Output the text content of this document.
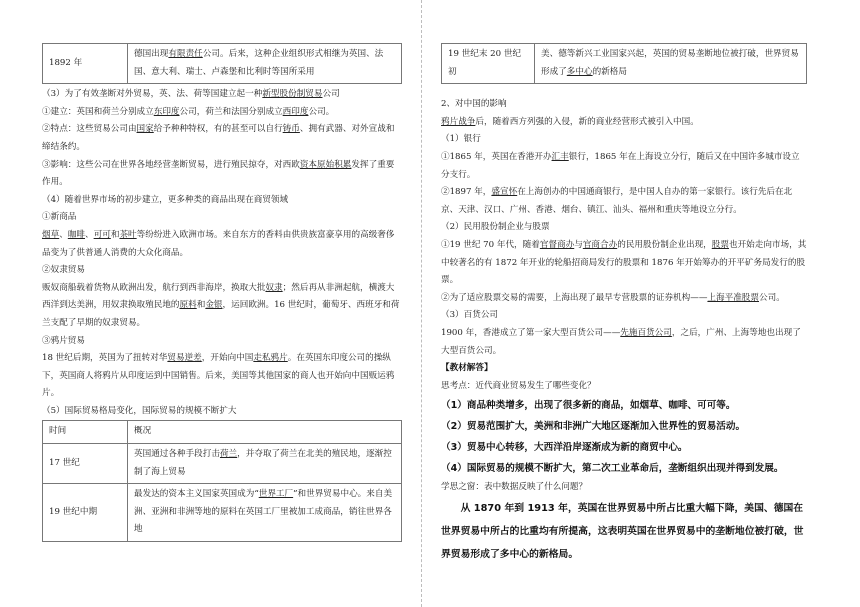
1892 年	德国出现有限责任公司。后来，这种企业组织形式相继为英国、法国、意大利、瑞士、卢森堡和比利时等国所采用

（3）为了有效垄断对外贸易，英、法、荷等国建立起一种新型股份制贸易公司

①建立：英国和荷兰分别成立东印度公司，荷兰和法国分别成立西印度公司。

②特点：这些贸易公司由国家给予种种特权，有的甚至可以自行铸币、拥有武器、对外宣战和缔结条约。

③影响：这些公司在世界各地经营垄断贸易，进行殖民掠夺，对西欧资本原始积累发挥了重要作用。

（4）随着世界市场的初步建立，更多种类的商品出现在商贸领域

①新商品

烟草、咖啡、可可和茶叶等纷纷进入欧洲市场。来自东方的香料由供贵族富豪享用的高级奢侈品变为了供普通人消费的大众化商品。

②奴隶贸易

贩奴商船载着货物从欧洲出发，航行到西非海岸，换取大批奴隶；然后再从非洲起航，横渡大西洋到达美洲，用奴隶换取殖民地的原料和金银，运回欧洲。16 世纪时，葡萄牙、西班牙和荷兰支配了早期的奴隶贸易。

③鸦片贸易

18 世纪后期，英国为了扭转对华贸易逆差，开始向中国走私鸦片。在英国东印度公司的操纵下，英国商人将鸦片从印度运到中国销售。后来，美国等其他国家的商人也开始向中国贩运鸦片。

（5）国际贸易格局变化，国际贸易的规模不断扩大

时间	概况
17 世纪	英国通过各种手段打击荷兰，并夺取了荷兰在北美的殖民地，逐渐控制了海上贸易
19 世纪中期	最发达的资本主义国家英国成为“世界工厂”和世界贸易中心。来自美洲、亚洲和非洲等地的原料在英国工厂里被加工成商品，销往世界各地
19 世纪末 20 世纪初	美、德等新兴工业国家兴起，英国的贸易垄断地位被打破，世界贸易形成了多中心的新格局

2、对中国的影响

鸦片战争后，随着西方列强的入侵，新的商业经营形式被引入中国。

（1）银行

①1865 年，英国在香港开办汇丰银行，1865 年在上海设立分行，随后又在中国许多城市设立分支行。

②1897 年，盛宣怀在上海创办的中国通商银行，是中国人自办的第一家银行。该行先后在北京、天津、汉口、广州、香港、烟台、镇江、汕头、福州和重庆等地设立分行。

（2）民用股份制企业与股票

①19 世纪 70 年代，随着官督商办与官商合办的民用股份制企业出现，股票也开始走向市场，其中较著名的有 1872 年开业的轮船招商局发行的股票和 1876 年开始筹办的开平矿务局发行的股票。

②为了适应股票交易的需要，上海出现了最早专营股票的证券机构——上海平准股票公司。

（3）百货公司

1900 年，香港成立了第一家大型百货公司——先施百货公司，之后，广州、上海等地也出现了大型百货公司。

【教材解答】

思考点：近代商业贸易发生了哪些变化？

（1）商品种类增多，出现了很多新的商品，如烟草、咖啡、可可等。

（2）贸易范围扩大，美洲和非洲广大地区逐渐加入世界性的贸易活动。

（3）贸易中心转移，大西洋沿岸逐渐成为新的商贸中心。

（4）国际贸易的规模不断扩大，第二次工业革命后，垄断组织出现并得到发展。

学思之窗：表中数据反映了什么问题？

从 1870 年到 1913 年，英国在世界贸易中所占比重大幅下降，美国、德国在世界贸易中所占的比重均有所提高，这表明英国在世界贸易中的垄断地位被打破，世界贸易形成了多中心的新格局。
